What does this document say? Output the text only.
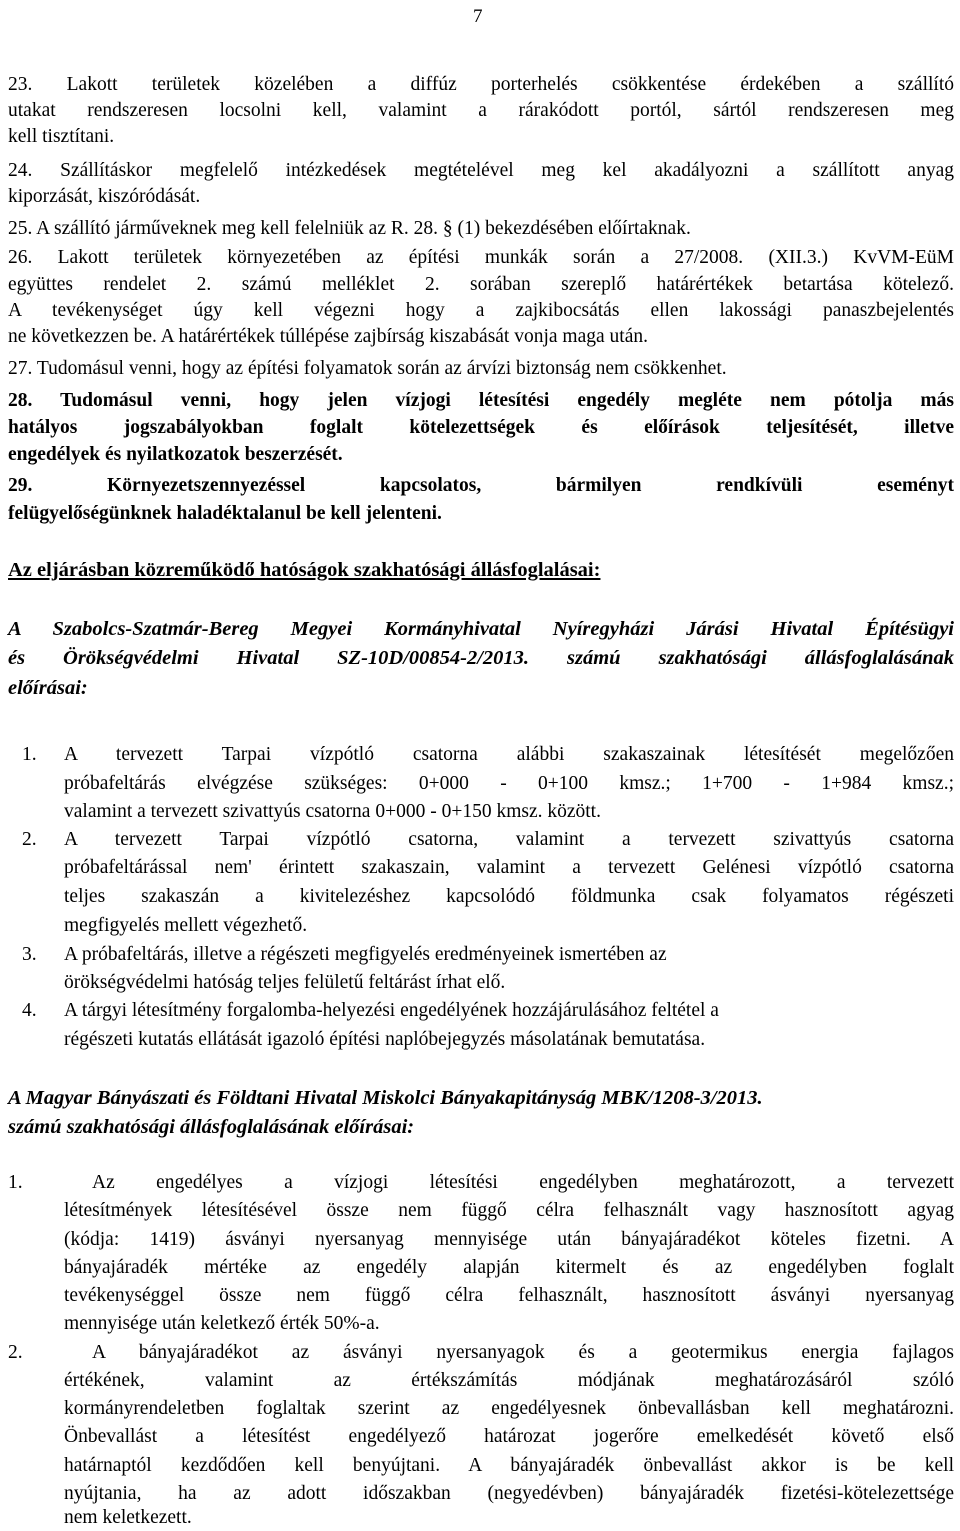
7
23. Lakott területek közelében a diffúz porterhelés csökkentése érdekében a szállító
utakat rendszeresen locsolni kell, valamint a rárakódott portól, sártól rendszeresen meg
kell tisztítani.
24. Szállításkor megfelelő intézkedések megtételével meg kel akadályozni a szállított anyag
kiporzását, kiszóródását.
25. A szállító járműveknek meg kell felelniük az R. 28. § (1) bekezdésében előírtaknak.
26. Lakott területek környezetében az építési munkák során a 27/2008. (XII.3.) KvVM-EüM
együttes rendelet 2. számú melléklet 2. sorában szereplő határértékek betartása kötelező.
A tevékenységet úgy kell végezni hogy a zajkibocsátás ellen lakossági panaszbejelentés
ne következzen be. A határértékek túllépése zajbírság kiszabását vonja maga után.
27. Tudomásul venni, hogy az építési folyamatok során az árvízi biztonság nem csökkenhet.
28. Tudomásul venni, hogy jelen vízjogi létesítési engedély megléte nem pótolja más
hatályos jogszabályokban foglalt kötelezettségek és előírások teljesítését, illetve
engedélyek és nyilatkozatok beszerzését.
29. Környezetszennyezéssel kapcsolatos, bármilyen rendkívüli eseményt
felügyelőségünknek haladéktalanul be kell jelenteni.
Az eljárásban közreműködő hatóságok szakhatósági állásfoglalásai:
A Szabolcs-Szatmár-Bereg Megyei Kormányhivatal Nyíregyházi Járási Hivatal Építésügyi
és Örökségvédelmi Hivatal SZ-10D/00854-2/2013. számú szakhatósági állásfoglalásának
előírásai:
1.	A tervezett Tarpai vízpótló csatorna alábbi szakaszainak létesítését megelőzően
próbafeltárás elvégzése szükséges: 0+000 - 0+100 kmsz.; 1+700 - 1+984 kmsz.;
valamint a tervezett szivattyús csatorna 0+000 - 0+150 kmsz. között.
2.	A tervezett Tarpai vízpótló csatorna, valamint a tervezett szivattyús csatorna
próbafeltárással nem' érintett szakaszain, valamint a tervezett Gelénesi vízpótló csatorna
teljes szakaszán a kivitelezéshez kapcsolódó földmunka csak folyamatos régészeti
megfigyelés mellett végezhető.
3.	A próbafeltárás, illetve a régészeti megfigyelés eredményeinek ismertében az
örökségvédelmi hatóság teljes felületű feltárást írhat elő.
4.	A tárgyi létesítmény forgalomba-helyezési engedélyének hozzájárulásához feltétel a
régészeti kutatás ellátását igazoló építési naplóbejegyzés másolatának bemutatása.
A Magyar Bányászati és Földtani Hivatal Miskolci Bányakapitányság MBK/1208-3/2013.
számú szakhatósági állásfoglalásának előírásai:
1.	Az engedélyes a vízjogi létesítési engedélyben meghatározott, a tervezett
létesítmények létesítésével össze nem függő célra felhasznált vagy hasznosított agyag
(kódja: 1419) ásványi nyersanyag mennyisége után bányajáradékot köteles fizetni. A
bányajáradék mértéke az engedély alapján kitermelt és az engedélyben foglalt
tevékenységgel össze nem függő célra felhasznált, hasznosított ásványi nyersanyag
mennyisége után keletkező érték 50%-a.
2.	A bányajáradékot az ásványi nyersanyagok és a geotermikus energia fajlagos
értékének, valamint az értékszámítás módjának meghatározásáról szóló
kormányrendeletben foglaltak szerint az engedélyesnek önbevallásban kell meghatározni.
Önbevallást a létesítést engedélyező határozat jogerőre emelkedését követő első
határnaptól kezdődően kell benyújtani. A bányajáradék önbevallást akkor is be kell
nyújtania, ha az adott időszakban (negyedévben) bányajáradék fizetési-kötelezettsége
nem keletkezett.
